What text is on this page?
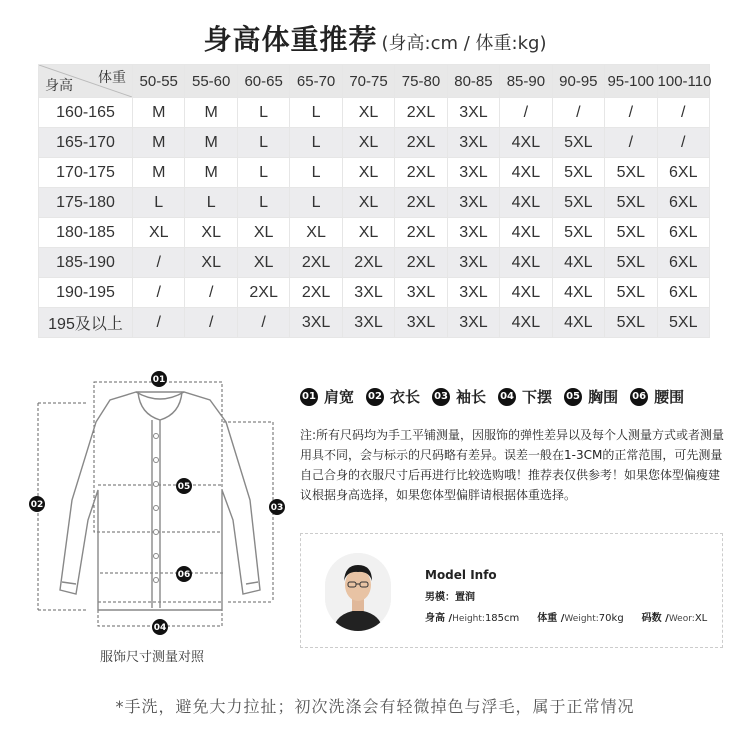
身高体重推荐 (身高:cm / 体重:kg)
体重
身高	50-55	55-60	60-65	65-70	70-75	75-80	80-85	85-90	90-95	95-100	100-110
160-165	M	M	L	L	XL	2XL	3XL	/	/	/	/
165-170	M	M	L	L	XL	2XL	3XL	4XL	5XL	/	/
170-175	M	M	L	L	XL	2XL	3XL	4XL	5XL	5XL	6XL
175-180	L	L	L	L	XL	2XL	3XL	4XL	5XL	5XL	6XL
180-185	XL	XL	XL	XL	XL	2XL	3XL	4XL	5XL	5XL	6XL
185-190	/	XL	XL	2XL	2XL	2XL	3XL	4XL	4XL	5XL	6XL
190-195	/	/	2XL	2XL	3XL	3XL	3XL	4XL	4XL	5XL	6XL
195及以上	/	/	/	3XL	3XL	3XL	3XL	4XL	4XL	5XL	5XL
01
02	03
04
05
06
服饰尺寸测量对照
01 肩宽 02 衣长 03 袖长 04 下摆 05 胸围 06 腰围
注:所有尺码均为手工平铺测量，因服饰的弹性差异以及每个人测量方式或者测量用具不同，会与标示的尺码略有差异。误差一般在1-3CM的正常范围，可先测量自己合身的衣服尺寸后再进行比较选购哦！推荐表仅供参考！如果您体型偏瘦建议根据身高选择，如果您体型偏胖请根据体重选择。
Model Info
男模：置润
身高 /Height:185cm 体重 /Weight:70kg 码数 /Weor:XL
*手洗，避免大力拉扯；初次洗涤会有轻微掉色与浮毛，属于正常情况
